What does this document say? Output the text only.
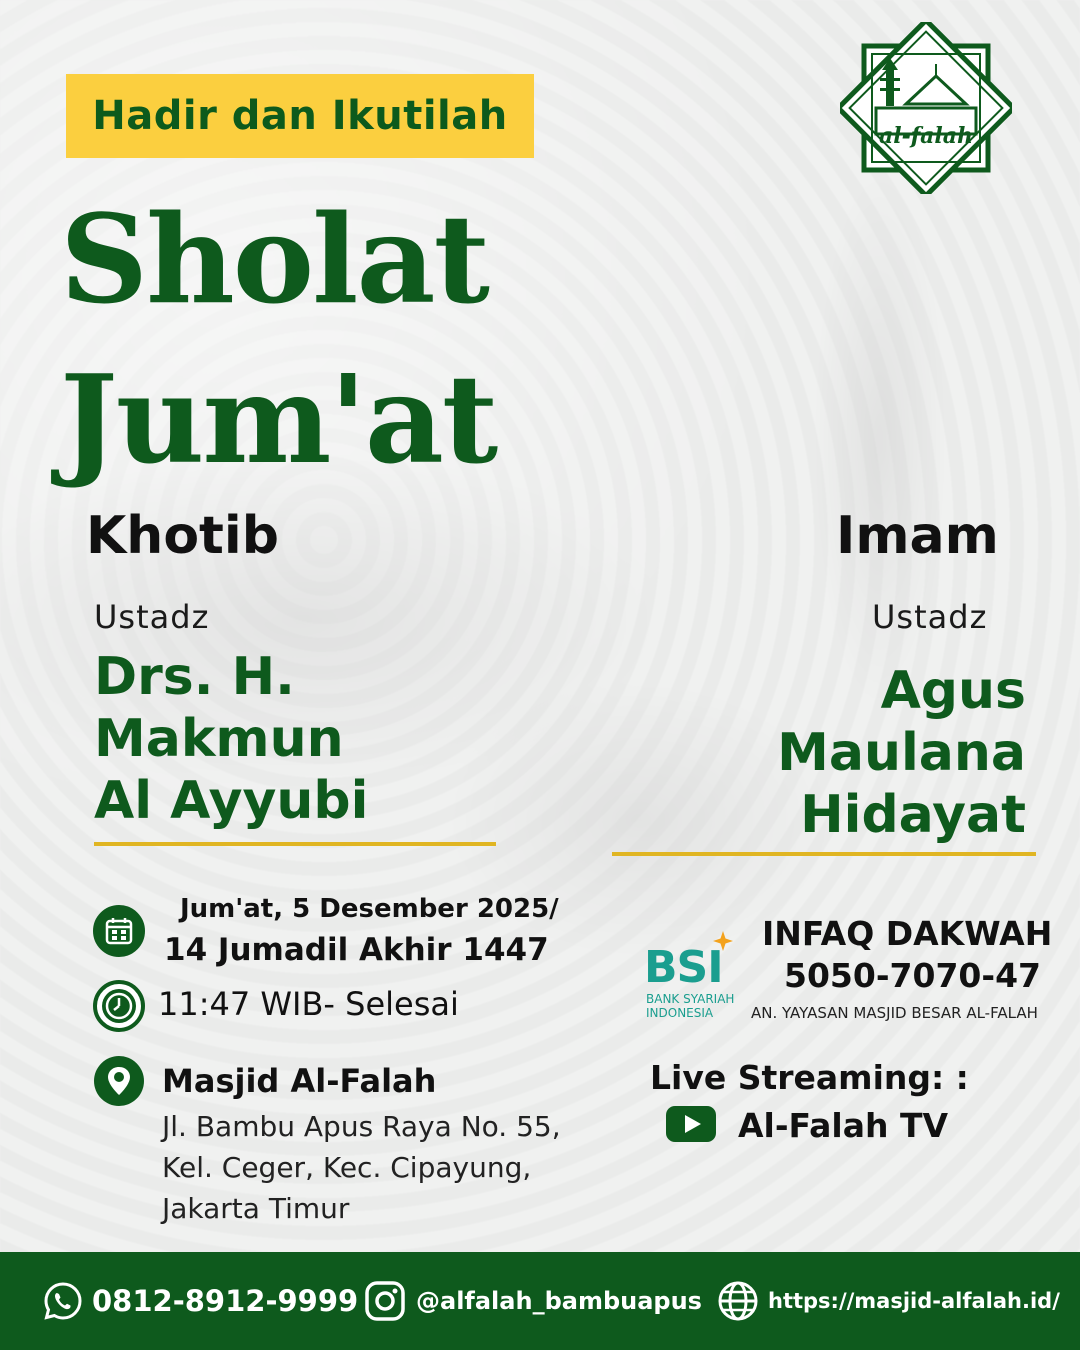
Hadir dan Ikutilah
Sholat
Jum'at
al-falah
Khotib
Ustadz
Drs. H.
Makmun
Al Ayyubi
Imam
Ustadz
Agus
Maulana
Hidayat
Jum'at, 5 Desember 2025/
14 Jumadil Akhir 1447
11:47 WIB- Selesai
Masjid Al-Falah
Jl. Bambu Apus Raya No. 55,
Kel. Ceger, Kec. Cipayung,
Jakarta Timur
BSI
BANK SYARIAH
INDONESIA
INFAQ DAKWAH
5050-7070-47
AN. YAYASAN MASJID BESAR AL-FALAH
Live Streaming: :
Al-Falah TV
0812-8912-9999 @alfalah_bambuapus	https://masjid-alfalah.id/
